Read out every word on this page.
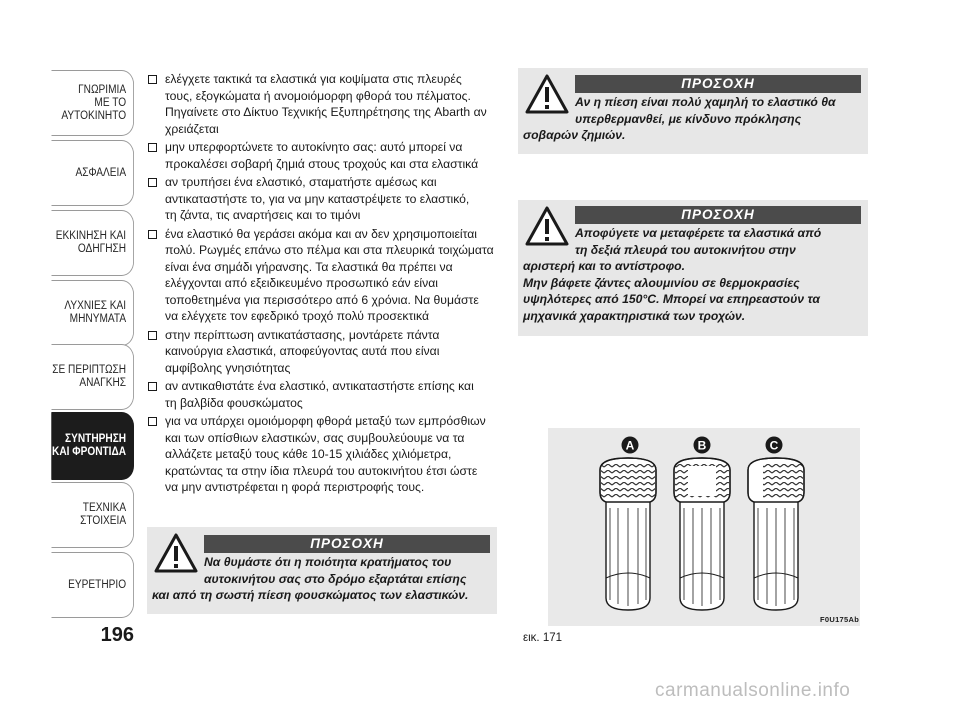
ΓΝΩΡΙΜΙΑ
ΜΕ ΤΟ
ΑΥΤΟΚΙΝΗΤΟ
ΑΣΦΑΛΕΙΑ
ΕΚΚΙΝΗΣΗ ΚΑΙ
ΟΔΗΓΗΣΗ
ΛΥΧΝΙΕΣ ΚΑΙ
ΜΗΝΥΜΑΤΑ
ΣΕ ΠΕΡΙΠΤΩΣΗ
ΑΝΑΓΚΗΣ
ΣΥΝΤΗΡΗΣΗ
ΚΑΙ ΦΡΟΝΤΙΔΑ
ΤΕΧΝΙΚΑ
ΣΤΟΙΧΕΙΑ
ΕΥΡΕΤΗΡΙΟ
196
ελέγχετε τακτικά τα ελαστικά για κοψίματα στις πλευρές
τους, εξογκώματα ή ανομοιόμορφη φθορά του πέλματος.
Πηγαίνετε στο Δίκτυο Τεχνικής Εξυπηρέτησης της Abarth αν
χρειάζεται
μην υπερφορτώνετε το αυτοκίνητο σας: αυτό μπορεί να
προκαλέσει σοβαρή ζημιά στους τροχούς και στα ελαστικά
αν τρυπήσει ένα ελαστικό, σταματήστε αμέσως και
αντικαταστήστε το, για να μην καταστρέψετε το ελαστικό,
τη ζάντα, τις αναρτήσεις και το τιμόνι
ένα ελαστικό θα γεράσει ακόμα και αν δεν χρησιμοποιείται
πολύ. Ρωγμές επάνω στο πέλμα και στα πλευρικά τοιχώματα
είναι ένα σημάδι γήρανσης. Τα ελαστικά θα πρέπει να
ελέγχονται από εξειδικευμένο προσωπικό εάν είναι
τοποθετημένα για περισσότερο από 6 χρόνια. Να θυμάστε
να ελέγχετε τον εφεδρικό τροχό πολύ προσεκτικά
στην περίπτωση αντικατάστασης, μοντάρετε πάντα
καινούργια ελαστικά, αποφεύγοντας αυτά που είναι
αμφίβολης γνησιότητας
αν αντικαθιστάτε ένα ελαστικό, αντικαταστήστε επίσης και
τη βαλβίδα φουσκώματος
για να υπάρχει ομοιόμορφη φθορά μεταξύ των εμπρόσθιων
και των οπίσθιων ελαστικών, σας συμβουλεύουμε να τα
αλλάζετε μεταξύ τους κάθε 10-15 χιλιάδες χιλιόμετρα,
κρατώντας τα στην ίδια πλευρά του αυτοκινήτου έτσι ώστε
να μην αντιστρέφεται η φορά περιστροφής τους.
ΠΡΟΣΟΧΗ
Να θυμάστε ότι η ποιότητα κρατήματος του
αυτοκινήτου σας στο δρόμο εξαρτάται επίσης
και από τη σωστή πίεση φουσκώματος των ελαστικών.
ΠΡΟΣΟΧΗ
Αν η πίεση είναι πολύ χαμηλή το ελαστικό θα
υπερθερμανθεί, με κίνδυνο πρόκλησης
σοβαρών ζημιών.
ΠΡΟΣΟΧΗ
Αποφύγετε να μεταφέρετε τα ελαστικά από
τη δεξιά πλευρά του αυτοκινήτου στην
αριστερή και το αντίστροφο.
Μην βάφετε ζάντες αλουμινίου σε θερμοκρασίες
υψηλότερες από 150°C. Μπορεί να επηρεαστούν τα
μηχανικά χαρακτηριστικά των τροχών.
A	B	C
F0U175Ab
εικ. 171
carmanualsonline.info
